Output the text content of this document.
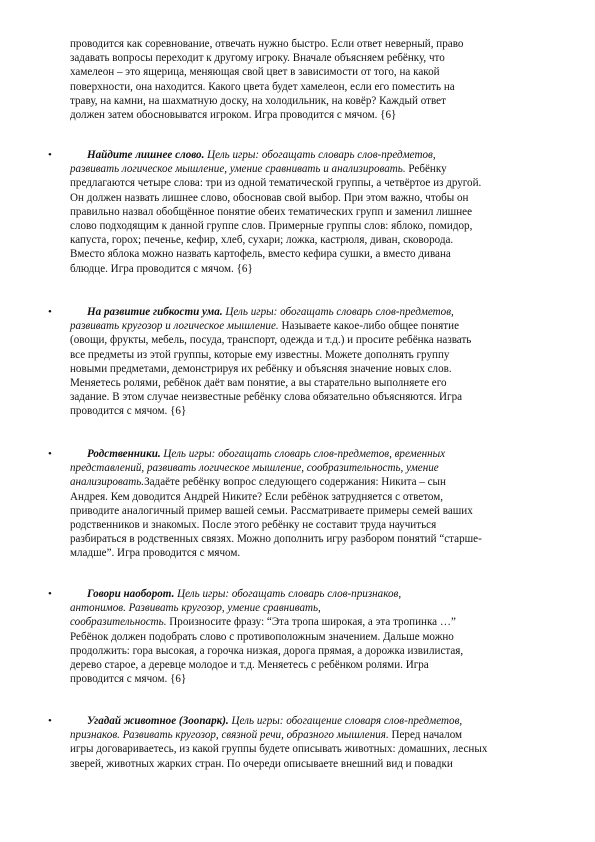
проводится как соревнование, отвечать нужно быстро. Если ответ неверный, право
задавать вопросы переходит к другому игроку. Вначале объясняем ребёнку, что
хамелеон – это ящерица, меняющая свой цвет в зависимости от того, на какой
поверхности, она находится. Какого цвета будет хамелеон, если его поместить на
траву, на камни, на шахматную доску, на холодильник, на ковёр? Каждый ответ
должен затем обосновыватся игроком. Игра проводится с мячом. {6}
•	Найдите лишнее слово. Цель игры: обогащать словарь слов-предметов,
развивать логическое мышление, умение сравнивать и анализировать. Ребёнку
предлагаются четыре слова: три из одной тематической группы, а четвёртое из другой.
Он должен назвать лишнее слово, обосновав свой выбор. При этом важно, чтобы он
правильно назвал обобщённое понятие обеих тематических групп и заменил лишнее
слово подходящим к данной группе слов. Примерные группы слов: яблоко, помидор,
капуста, горох; печенье, кефир, хлеб, сухари; ложка, кастрюля, диван, сковорода.
Вместо яблока можно назвать картофель, вместо кефира сушки, а вместо дивана
блюдце. Игра проводится с мячом. {6}
•	На развитие гибкости ума. Цель игры: обогащать словарь слов-предметов,
развивать кругозор и логическое мышление. Называете какое-либо общее понятие
(овощи, фрукты, мебель, посуда, транспорт, одежда и т.д.) и просите ребёнка назвать
все предметы из этой группы, которые ему известны. Можете дополнять группу
новыми предметами, демонстрируя их ребёнку и объясняя значение новых слов.
Меняетесь ролями, ребёнок даёт вам понятие, а вы старательно выполняете его
задание. В этом случае неизвестные ребёнку слова обязательно объясняются. Игра
проводится с мячом. {6}
•	Родственники. Цель игры: обогащать словарь слов-предметов, временных
представлений, развивать логическое мышление, сообразительность, умение
анализировать.Задаёте ребёнку вопрос следующего содержания: Никита – сын
Андрея. Кем доводится Андрей Никите? Если ребёнок затрудняется с ответом,
приводите аналогичный пример вашей семьи. Рассматриваете примеры семей ваших
родственников и знакомых. После этого ребёнку не составит труда научиться
разбираться в родственных связях. Можно дополнить игру разбором понятий “старше-
младше”. Игра проводится с мячом.
•	Говори наоборот. Цель игры: обогащать словарь слов-признаков,
антонимов. Развивать кругозор, умение сравнивать,
сообразительность. Произносите фразу: “Эта тропа широкая, а эта тропинка …”
Ребёнок должен подобрать слово с противоположным значением. Дальше можно
продолжить: гора высокая, а горочка низкая, дорога прямая, а дорожка извилистая,
дерево старое, а деревце молодое и т.д. Меняетесь с ребёнком ролями. Игра
проводится с мячом. {6}
•	Угадай животное (Зоопарк). Цель игры: обогащение словаря слов-предметов,
признаков. Развивать кругозор, связной речи, образного мышления. Перед началом
игры договариваетесь, из какой группы будете описывать животных: домашних, лесных
зверей, животных жарких стран. По очереди описываете внешний вид и повадки
